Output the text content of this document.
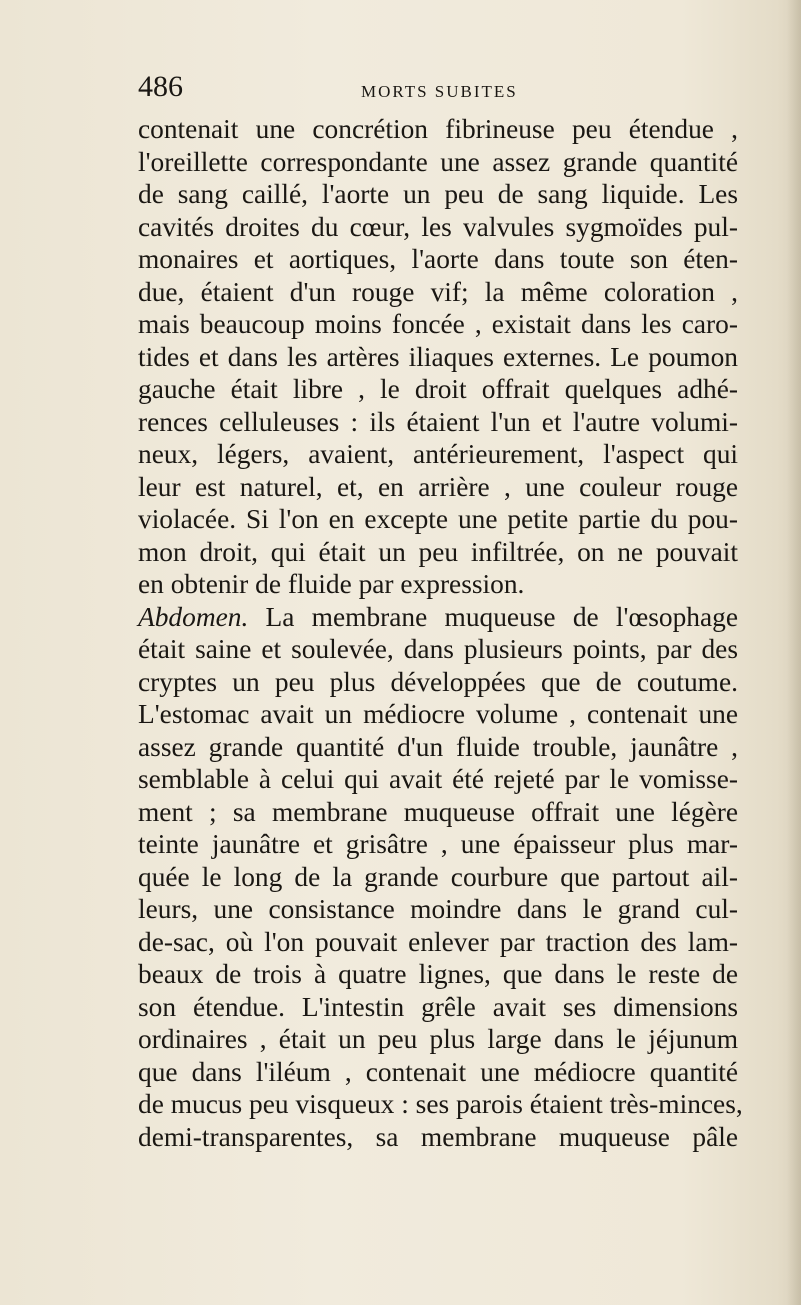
486	MORTS SUBITES
contenait une concrétion fibrineuse peu étendue ,
l'oreillette correspondante une assez grande quantité
de sang caillé, l'aorte un peu de sang liquide. Les
cavités droites du cœur, les valvules sygmoïdes pul-
monaires et aortiques, l'aorte dans toute son éten-
due, étaient d'un rouge vif; la même coloration ,
mais beaucoup moins foncée , existait dans les caro-
tides et dans les artères iliaques externes. Le poumon
gauche était libre , le droit offrait quelques adhé-
rences celluleuses : ils étaient l'un et l'autre volumi-
neux, légers, avaient, antérieurement, l'aspect qui
leur est naturel, et, en arrière , une couleur rouge
violacée. Si l'on en excepte une petite partie du pou-
mon droit, qui était un peu infiltrée, on ne pouvait
en obtenir de fluide par expression.
Abdomen. La membrane muqueuse de l'œsophage
était saine et soulevée, dans plusieurs points, par des
cryptes un peu plus développées que de coutume.
L'estomac avait un médiocre volume , contenait une
assez grande quantité d'un fluide trouble, jaunâtre ,
semblable à celui qui avait été rejeté par le vomisse-
ment ; sa membrane muqueuse offrait une légère
teinte jaunâtre et grisâtre , une épaisseur plus mar-
quée le long de la grande courbure que partout ail-
leurs, une consistance moindre dans le grand cul-
de-sac, où l'on pouvait enlever par traction des lam-
beaux de trois à quatre lignes, que dans le reste de
son étendue. L'intestin grêle avait ses dimensions
ordinaires , était un peu plus large dans le jéjunum
que dans l'iléum , contenait une médiocre quantité
de mucus peu visqueux : ses parois étaient très-minces,
demi-transparentes, sa membrane muqueuse pâle
